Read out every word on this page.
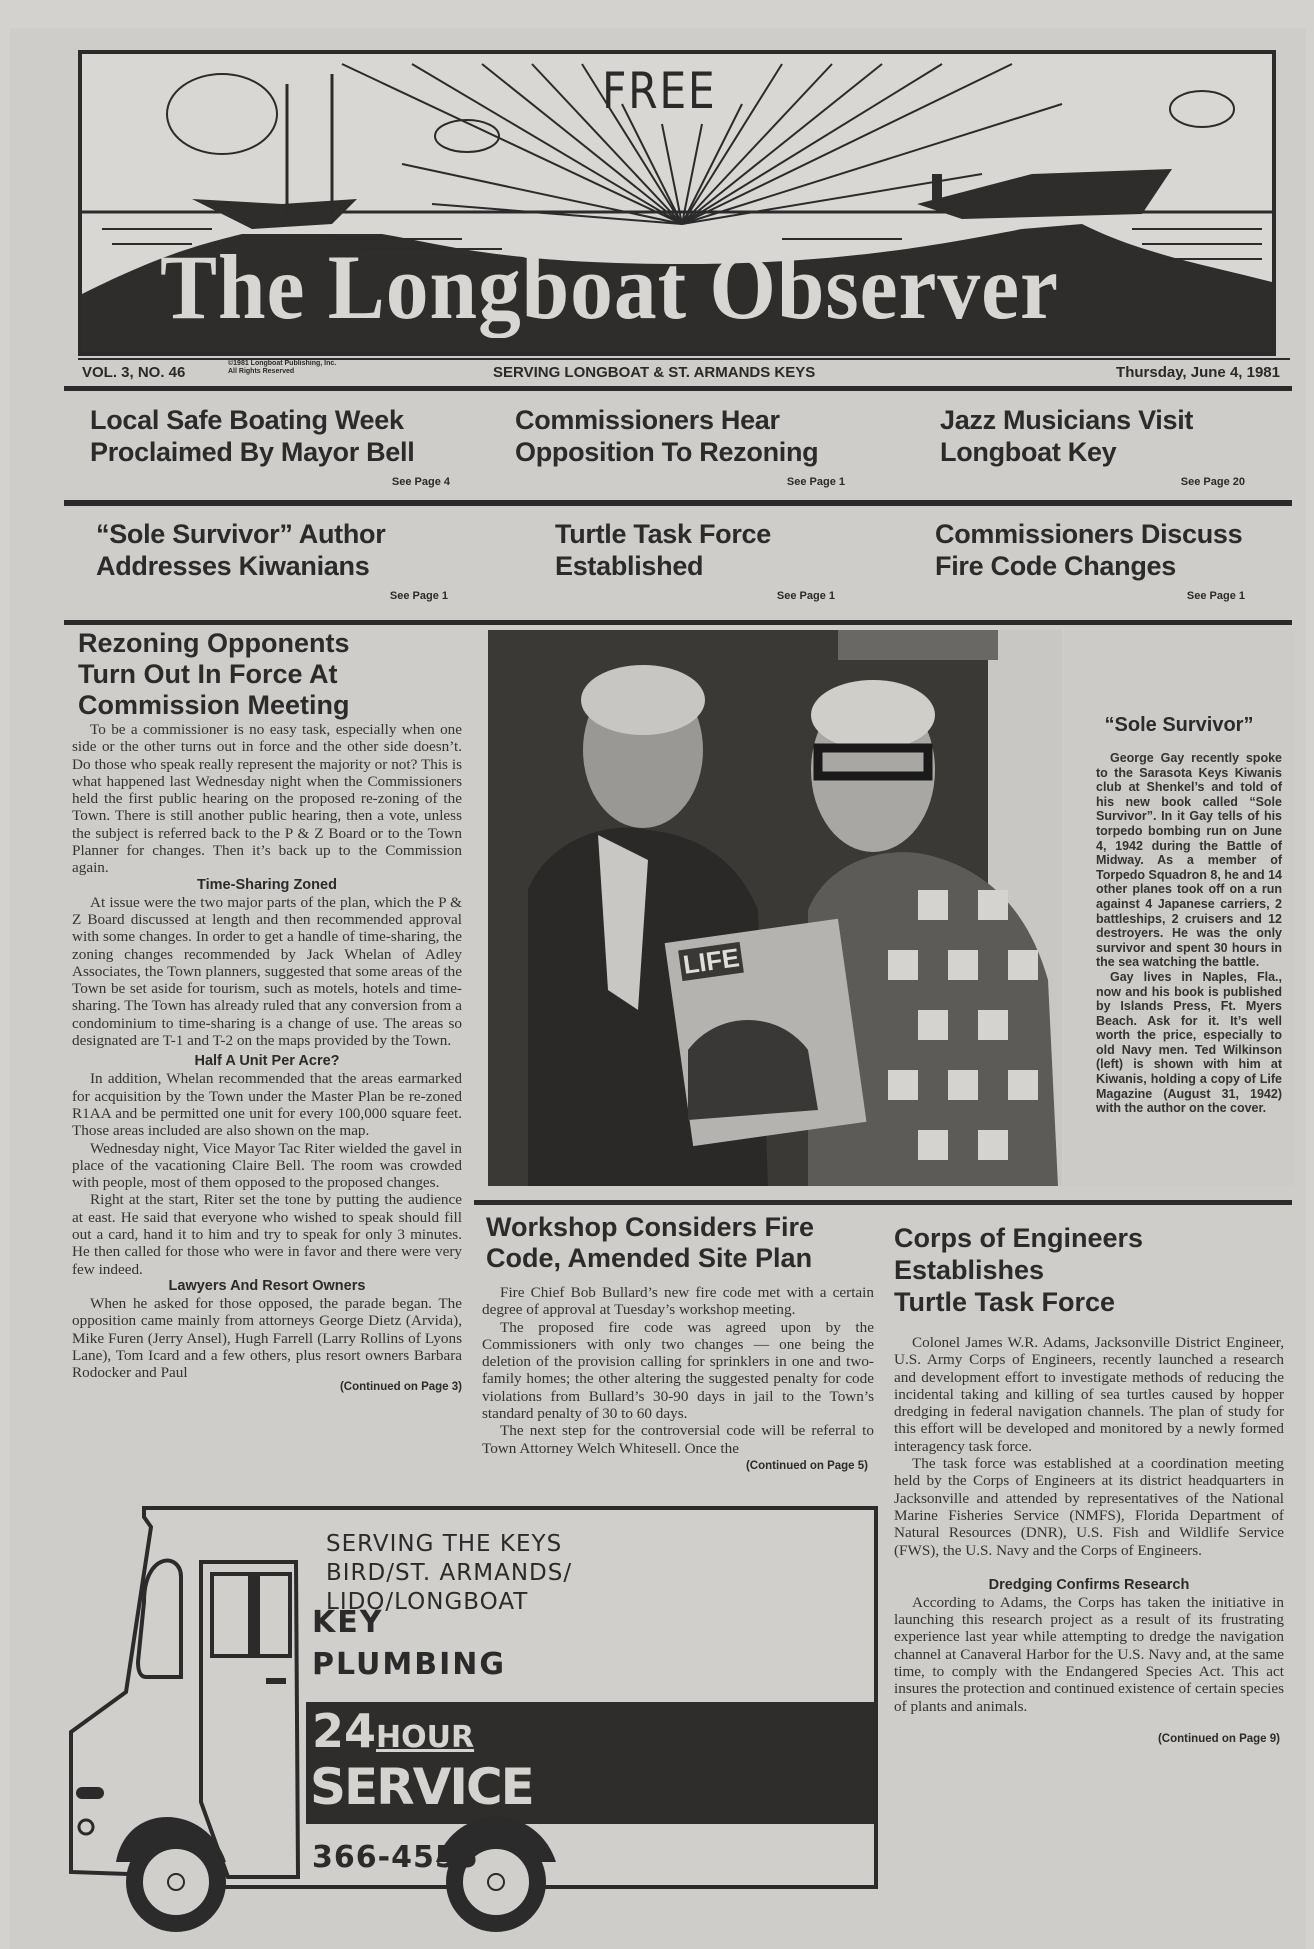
FREE
The Longboat Observer
VOL. 3, NO. 46
©1981 Longboat Publishing, Inc.
All Rights Reserved	SERVING LONGBOAT & ST. ARMANDS KEYS	Thursday, June 4, 1981
Local Safe Boating Week
Proclaimed By Mayor Bell
See Page 4
Commissioners Hear
Opposition To Rezoning
See Page 1
Jazz Musicians Visit
Longboat Key
See Page 20
“Sole Survivor” Author
Addresses Kiwanians
See Page 1
Turtle Task Force
Established
See Page 1
Commissioners Discuss
Fire Code Changes
See Page 1
Rezoning Opponents
Turn Out In Force At
Commission Meeting

To be a commissioner is no easy task, especially when one side or the other turns out in force and the other side doesn’t. Do those who speak really represent the majority or not? This is what happened last Wednesday night when the Commissioners held the first public hearing on the proposed re-zoning of the Town. There is still another public hearing, then a vote, unless the subject is referred back to the P & Z Board or to the Town Planner for changes. Then it’s back up to the Commission again.

Time-Sharing Zoned

At issue were the two major parts of the plan, which the P & Z Board discussed at length and then recommended approval with some changes. In order to get a handle of time-sharing, the zoning changes recommended by Jack Whelan of Adley Associates, the Town planners, suggested that some areas of the Town be set aside for tourism, such as motels, hotels and time-sharing. The Town has already ruled that any conversion from a condominium to time-sharing is a change of use. The areas so designated are T-1 and T-2 on the maps provided by the Town.

Half A Unit Per Acre?

In addition, Whelan recommended that the areas earmarked for acquisition by the Town under the Master Plan be re-zoned R1AA and be permitted one unit for every 100,000 square feet. Those areas included are also shown on the map.

Wednesday night, Vice Mayor Tac Riter wielded the gavel in place of the vacationing Claire Bell. The room was crowded with people, most of them opposed to the proposed changes.

Right at the start, Riter set the tone by putting the audience at east. He said that everyone who wished to speak should fill out a card, hand it to him and try to speak for only 3 minutes. He then called for those who were in favor and there were very few indeed.

Lawyers And Resort Owners

When he asked for those opposed, the parade began. The opposition came mainly from attorneys George Dietz (Arvida), Mike Furen (Jerry Ansel), Hugh Farrell (Larry Rollins of Lyons Lane), Tom Icard and a few others, plus resort owners Barbara Rodocker and Paul

(Continued on Page 3)
LIFE
“Sole Survivor”

George Gay recently spoke to the Sarasota Keys Kiwanis club at Shenkel’s and told of his new book called “Sole Survivor”. In it Gay tells of his torpedo bombing run on June 4, 1942 during the Battle of Midway. As a member of Torpedo Squadron 8, he and 14 other planes took off on a run against 4 Japanese carriers, 2 battleships, 2 cruisers and 12 destroyers. He was the only survivor and spent 30 hours in the sea watching the battle.

Gay lives in Naples, Fla., now and his book is published by Islands Press, Ft. Myers Beach. Ask for it. It’s well worth the price, especially to old Navy men. Ted Wilkinson (left) is shown with him at Kiwanis, holding a copy of Life Magazine (August 31, 1942) with the author on the cover.

Workshop Considers Fire
Code, Amended Site Plan

Fire Chief Bob Bullard’s new fire code met with a certain degree of approval at Tuesday’s workshop meeting.

The proposed fire code was agreed upon by the Commissioners with only two changes — one being the deletion of the provision calling for sprinklers in one and two-family homes; the other altering the suggested penalty for code violations from Bullard’s 30-90 days in jail to the Town’s standard penalty of 30 to 60 days.

The next step for the controversial code will be referral to Town Attorney Welch Whitesell. Once the

(Continued on Page 5)
Corps of Engineers
Establishes
Turtle Task Force

Colonel James W.R. Adams, Jacksonville District Engineer, U.S. Army Corps of Engineers, recently launched a research and development effort to investigate methods of reducing the incidental taking and killing of sea turtles caused by hopper dredging in federal navigation channels. The plan of study for this effort will be developed and monitored by a newly formed interagency task force.

The task force was established at a coordination meeting held by the Corps of Engineers at its district headquarters in Jacksonville and attended by representatives of the National Marine Fisheries Service (NMFS), Florida Department of Natural Resources (DNR), U.S. Fish and Wildlife Service (FWS), the U.S. Navy and the Corps of Engineers.

Dredging Confirms Research

According to Adams, the Corps has taken the initiative in launching this research project as a result of its frustrating experience last year while attempting to dredge the navigation channel at Canaveral Harbor for the U.S. Navy and, at the same time, to comply with the Endangered Species Act. This act insures the protection and continued existence of certain species of plants and animals.

(Continued on Page 9)
SERVING THE KEYS
BIRD/ST. ARMANDS/
LIDO/LONGBOAT
KEY
PLUMBING
24HOUR
SERVICE
366-4555
